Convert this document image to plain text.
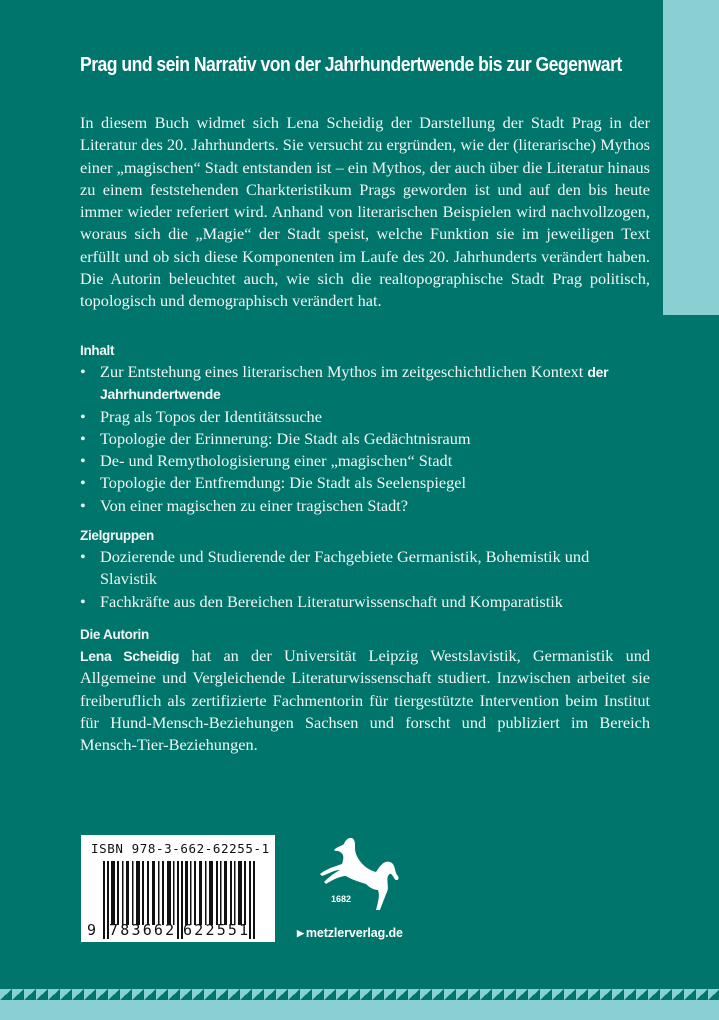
Prag und sein Narrativ von der Jahrhundertwende bis zur Gegenwart

In diesem Buch widmet sich Lena Scheidig der Darstellung der Stadt Prag in der Literatur des 20. Jahrhunderts. Sie versucht zu ergründen, wie der (literarische) Mythos einer „magischen“ Stadt entstanden ist – ein Mythos, der auch über die Literatur hinaus zu einem feststehenden Charkteristikum Prags geworden ist und auf den bis heute immer wieder referiert wird. Anhand von literarischen Beispielen wird nachvollzogen, woraus sich die „Magie“ der Stadt speist, welche Funktion sie im jeweiligen Text erfüllt und ob sich diese Komponenten im Laufe des 20. Jahrhunderts verändert haben. Die Autorin beleuchtet auch, wie sich die realtopographische Stadt Prag politisch, topologisch und demographisch verändert hat.

Inhalt
• Zur Entstehung eines literarischen Mythos im zeitgeschichtlichen Kontext der Jahrhundertwende
• Prag als Topos der Identitätssuche
• Topologie der Erinnerung: Die Stadt als Gedächtnisraum
• De- und Remythologisierung einer „magischen“ Stadt
• Topologie der Entfremdung: Die Stadt als Seelenspiegel
• Von einer magischen zu einer tragischen Stadt?
Zielgruppen
• Dozierende und Studierende der Fachgebiete Germanistik, Bohemistik und Slavistik
• Fachkräfte aus den Bereichen Literaturwissenschaft und Komparatistik
Die Autorin

Lena Scheidig hat an der Universität Leipzig Westslavistik, Germanistik und Allgemeine und Vergleichende Literaturwissenschaft studiert. Inzwischen arbeitet sie freiberuflich als zertifizierte Fachmentorin für tiergestützte Intervention beim Institut für Hund-Mensch-Beziehungen Sachsen und forscht und publiziert im Bereich Mensch-Tier-Beziehungen.

ISBN 978-3-662-62255-1
9 783662 622551
1682
▶ metzlerverlag.de
